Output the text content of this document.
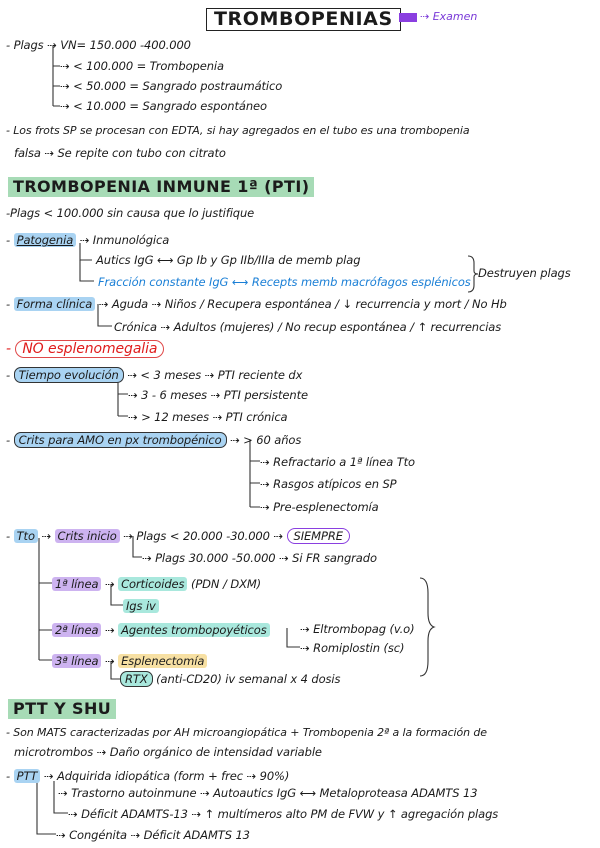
TROMBOPENIAS	⇢ Examen
- Plags ⇢ VN= 150.000 -400.000
⇢ < 100.000 = Trombopenia
⇢ < 50.000 = Sangrado postraumático
⇢ < 10.000 = Sangrado espontáneo
- Los frots SP se procesan con EDTA, si hay agregados en el tubo es una trombopenia
falsa ⇢ Se repite con tubo con citrato
TROMBOPENIA INMUNE 1ª (PTI)
-Plags < 100.000 sin causa que lo justifique
- Patogenia ⇢ Inmunológica
Autics IgG ⟷ Gp Ib y Gp IIb/IIIa de memb plag
Fracción constante IgG ⟷ Recepts memb macrófagos esplénicos
Destruyen plags
- Forma clínica ⇢ Aguda ⇢ Niños / Recupera espontánea / ↓ recurrencia y mort / No Hb
Crónica ⇢ Adultos (mujeres) / No recup espontánea / ↑ recurrencias
- NO esplenomegalia
- Tiempo evolución ⇢ < 3 meses ⇢ PTI reciente dx
⇢ 3 - 6 meses ⇢ PTI persistente
⇢ > 12 meses ⇢ PTI crónica
- Crits para AMO en px trombopénico ⇢ > 60 años
⇢ Refractario a 1ª línea Tto
⇢ Rasgos atípicos en SP
⇢ Pre-esplenectomía
- Tto ⇢ Crits inicio ⇢ Plags < 20.000 -30.000 ⇢ SIEMPRE
⇢ Plags 30.000 -50.000 ⇢ Si FR sangrado
1ª línea ⇢ Corticoides (PDN / DXM)
Igs iv
2ª línea ⇢ Agentes trombopoyéticos	⇢ Eltrombopag (v.o)
⇢ Romiplostin (sc)
3ª línea ⇢ Esplenectomía
RTX (anti-CD20) iv semanal x 4 dosis
PTT Y SHU
- Son MATS caracterizadas por AH microangiopática + Trombopenia 2ª a la formación de
microtrombos ⇢ Daño orgánico de intensidad variable
- PTT ⇢ Adquirida idiopática (form + frec ⇢ 90%)
⇢ Trastorno autoinmune ⇢ Autoautics IgG ⟷ Metaloproteasa ADAMTS 13
⇢ Déficit ADAMTS-13 ⇢ ↑ multímeros alto PM de FVW y ↑ agregación plags
⇢ Congénita ⇢ Déficit ADAMTS 13
